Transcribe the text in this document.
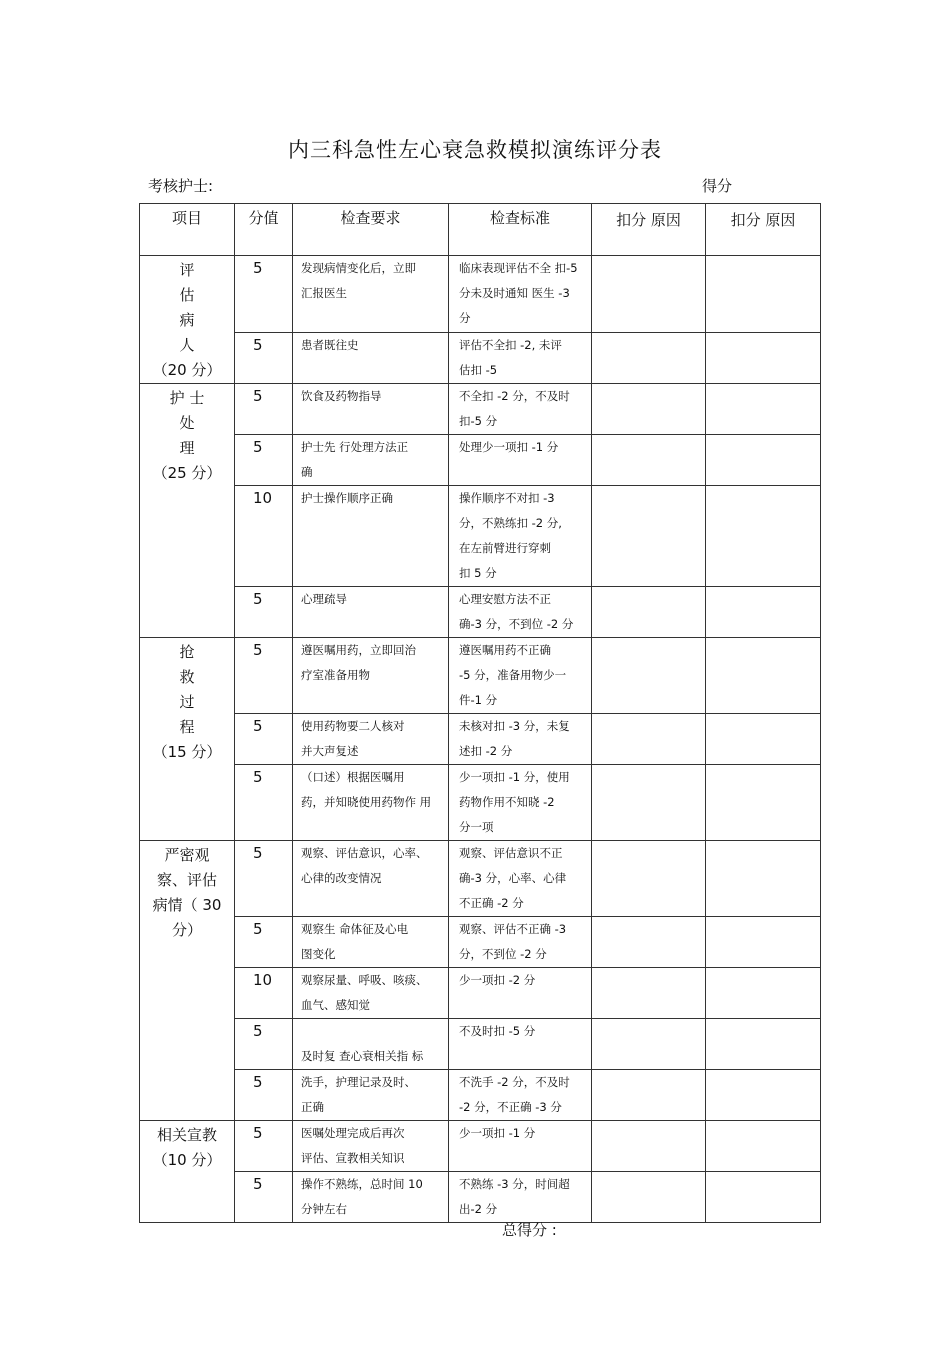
内三科急性左心衰急救模拟演练评分表
考核护士:	得分
项目	分值	检查要求	检查标准	扣分 原因	扣分 原因

评
估
病
人
（20 分）	5	发现病情变化后，立即
汇报医生	临床表现评估不全 扣-5
分未及时通知 医生 -3
分		

	5	患者既往史	评估不全扣 -2, 未评
估扣 -5		

护 士
处
理
（25 分）	5	饮食及药物指导	不全扣 -2 分，不及时
扣-5 分		

	5	护士先 行处理方法正
确	处理少一项扣 -1 分		

	10	护士操作顺序正确	操作顺序不对扣 -3
分，不熟练扣 -2 分,
在左前臂进行穿刺
扣 5 分		

	5	心理疏导	心理安慰方法不正
确-3 分，不到位 -2 分		

抢
救
过
程
（15 分）	5	遵医嘱用药，立即回治
疗室准备用物	遵医嘱用药不正确
-5 分，准备用物少一
件-1 分		

	5	使用药物要二人核对
并大声复述	未核对扣 -3 分，未复
述扣 -2 分		

	5	（口述）根据医嘱用
药，并知晓使用药物作 用	少一项扣 -1 分，使用
药物作用不知晓 -2
分一项		

严密观
察、评估
病情（ 30
分）	5	观察、评估意识，心率、
心律的改变情况	观察、评估意识不正
确-3 分，心率、心律
不正确 -2 分		

	5	观察生 命体征及心电
图变化	观察、评估不正确 -3
分，不到位 -2 分		

	10	观察尿量、呼吸、咳痰、
血气、感知觉	少一项扣 -2 分		

	5	
及时复 查心衰相关指 标	不及时扣 -5 分		

	5	洗手，护理记录及时、
正确	不洗手 -2 分，不及时
-2 分，不正确 -3 分		

相关宣教
（10 分）	5	医嘱处理完成后再次
评估、宣教相关知识	少一项扣 -1 分		

	5	操作不熟练，总时间 10
分钟左右	不熟练 -3 分，时间超
出-2 分		

总得分 :
